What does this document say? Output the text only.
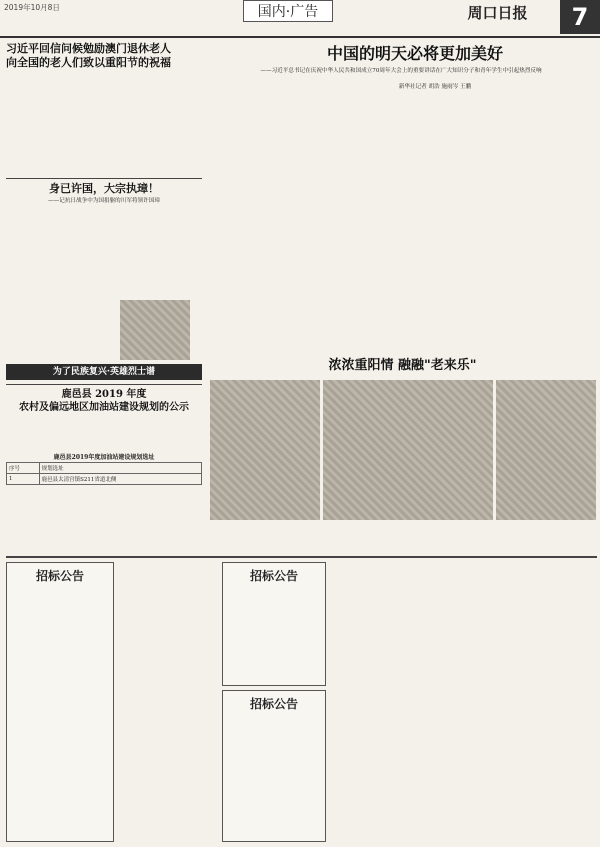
2019年10月8日	国内·广告	周口日报	7
习近平回信问候勉励澳门退休老人
向全国的老人们致以重阳节的祝福	中国的明天必将更加美好
——习近平总书记在庆祝中华人民共和国成立70周年大会上的重要讲话在广大知识分子和青年学生中引起热烈反响
新华社记者 胡浩 施雨岑 王鹏
身已许国，大宗执璋！
——记抗日战争中为国捐躯的川军将领许国璋
为了民族复兴·英雄烈士谱	浓浓重阳情 融融"老来乐"
鹿邑县 2019 年度
农村及偏远地区加油站建设规划的公示
鹿邑县2019年度加油站建设规划选址
序号	规划选址
1	鹿邑县太清宫镇S211省道北侧
招标公告	招标公告
招标公告
